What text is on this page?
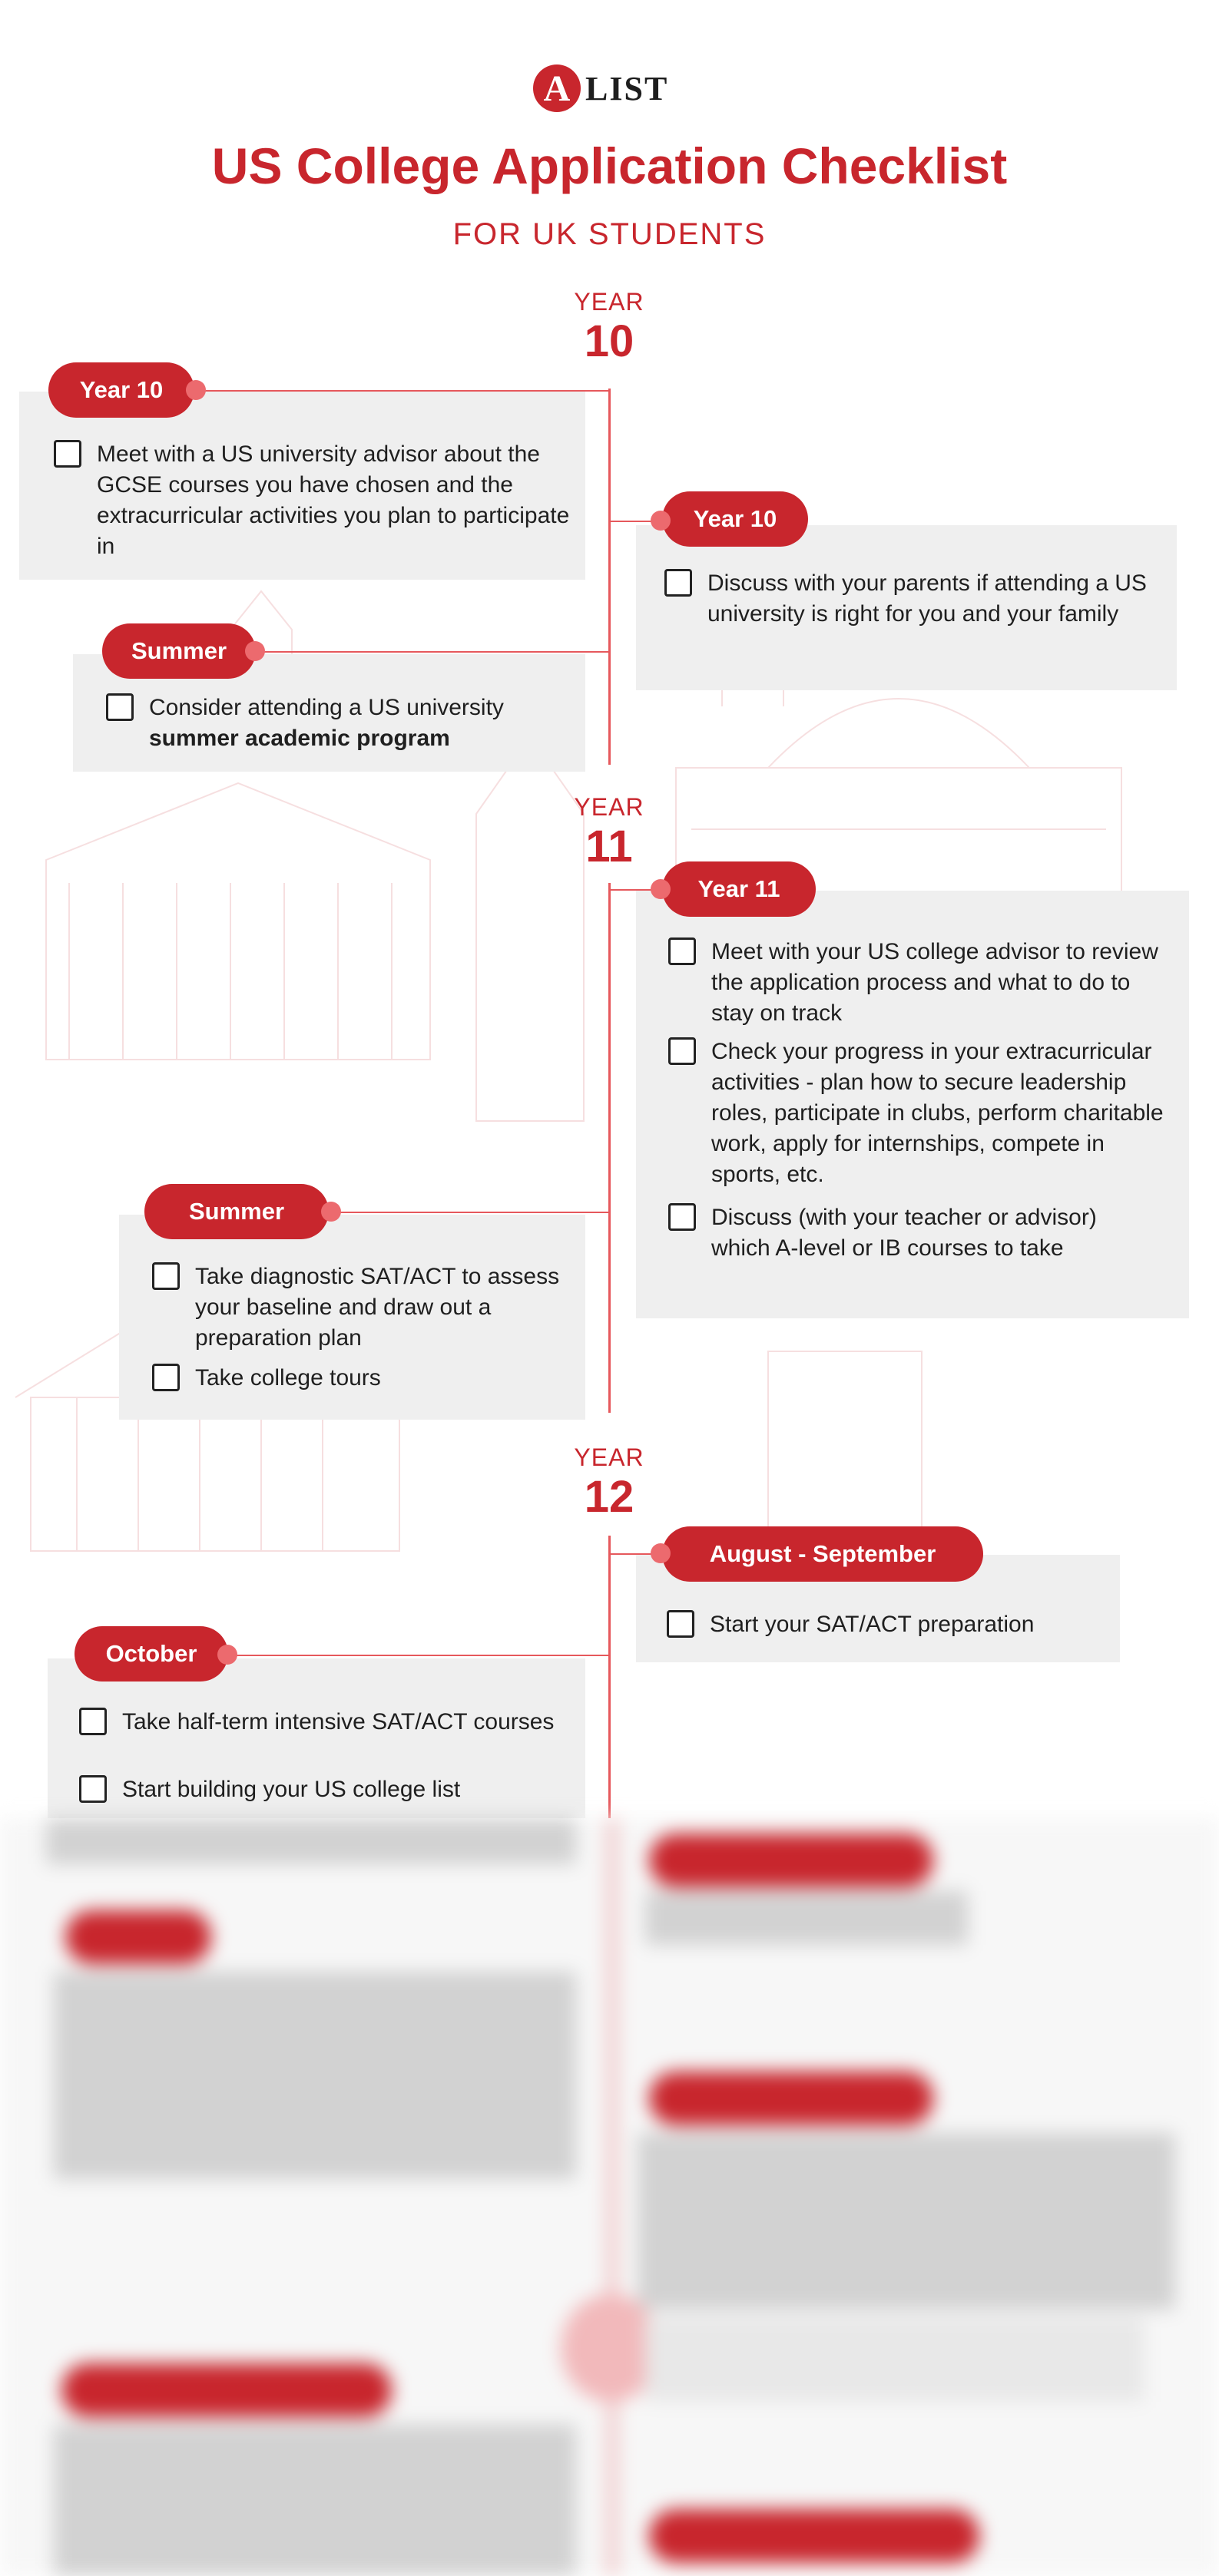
A LIST
US College Application Checklist
FOR UK STUDENTS
YEAR
10
Year 10
Meet with a US university advisor about the GCSE courses you have chosen and the extracurricular activities you plan to participate in
Year 10
Discuss with your parents if attending a US university is right for you and your family
Summer
Consider attending a US university
summer academic program
YEAR
11
Year 11
Meet with your US college advisor to review the application process and what to do to stay on track
Check your progress in your extracurricular activities - plan how to secure leadership roles, participate in clubs, perform charitable work, apply for internships, compete in sports, etc.
Discuss (with your teacher or advisor) which A-level or IB courses to take
Summer
Take diagnostic SAT/ACT to assess your baseline and draw out a preparation plan
Take college tours
YEAR
12
August - September
Start your SAT/ACT preparation
October
Take half-term intensive SAT/ACT courses
Start building your US college list
